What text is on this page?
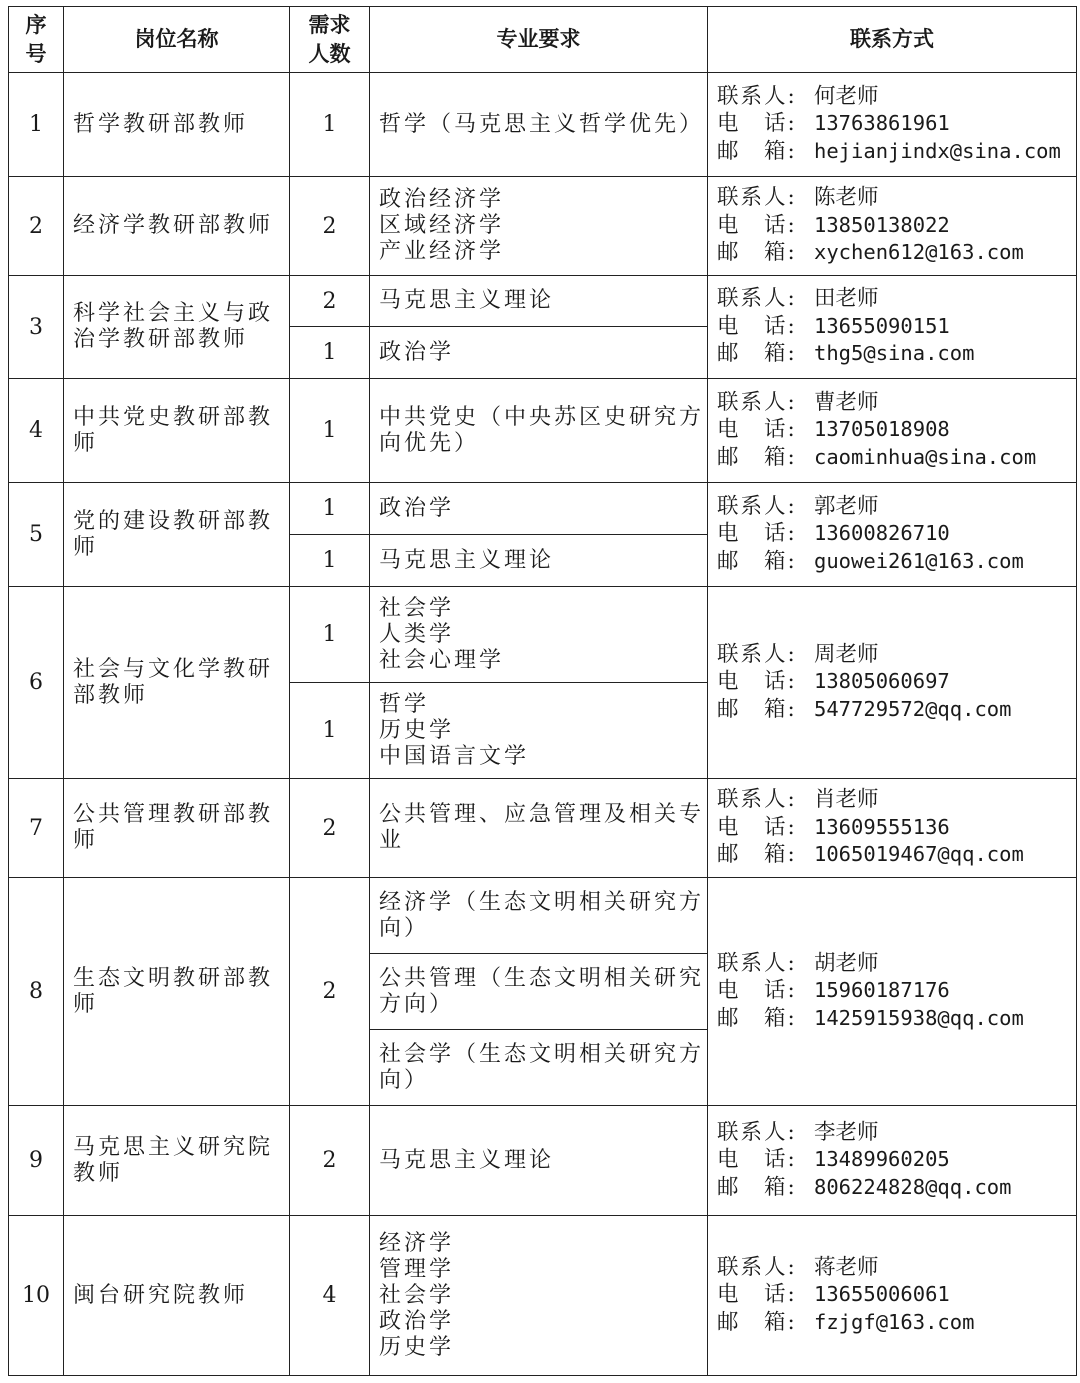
序号	岗位名称	需求人数	专业要求	联系方式
1	哲学教研部教师	1	哲学（马克思主义哲学优先）	联系人: 何老师
电　话: 13763861961
邮　箱: hejianjindx@sina.com

2	经济学教研部教师	2	政治经济学
区域经济学
产业经济学	联系人: 陈老师
电　话: 13850138022
邮　箱: xychen612@163.com

3	科学社会主义与政
治学教研部教师	2	马克思主义理论	联系人: 田老师
电　话: 13655090151
邮　箱: thg5@sina.com

		1	政治学	

4	中共党史教研部教
师	1	中共党史（中央苏区史研究方
向优先）	联系人: 曹老师
电　话: 13705018908
邮　箱: caominhua@sina.com

5	党的建设教研部教
师	1	政治学	联系人: 郭老师
电　话: 13600826710
邮　箱: guowei261@163.com

		1	马克思主义理论	

6	社会与文化学教研
部教师	1	社会学
人类学
社会心理学	联系人: 周老师
电　话: 13805060697
邮　箱: 547729572@qq.com

		1	哲学
历史学
中国语言文学	

7	公共管理教研部教
师	2	公共管理、应急管理及相关专
业	联系人: 肖老师
电　话: 13609555136
邮　箱: 1065019467@qq.com

8	生态文明教研部教
师	2	经济学（生态文明相关研究方
向）	联系人: 胡老师
电　话: 15960187176
邮　箱: 1425915938@qq.com

			公共管理（生态文明相关研究
方向）	

			社会学（生态文明相关研究方
向）	

9	马克思主义研究院
教师	2	马克思主义理论	联系人: 李老师
电　话: 13489960205
邮　箱: 806224828@qq.com

10	闽台研究院教师	4	经济学
管理学
社会学
政治学
历史学	联系人: 蒋老师
电　话: 13655006061
邮　箱: fzjgf@163.com
